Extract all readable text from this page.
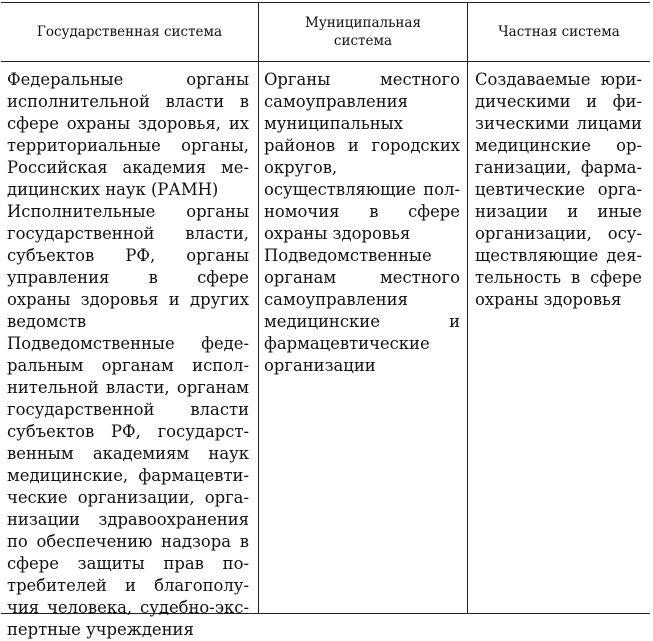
Государственная система
Муниципальная система
Частная система

Федеральные органы исполнительной власти в сфере охраны здоровья, их территориальные органы, Российская академия медицинских наук (РАМН)

Исполнительные органы государственной власти, субъектов РФ, органы управления в сфере охраны здоровья и других ведомств

Подведомственные федеральным органам исполнительной власти, органам государственной власти субъектов РФ, государственным академиям наук медицинские, фармацевтические организации, организации здравоохранения по обеспечению надзора в сфере защиты прав потребителей и благополучия человека, судебно-экспертные учреждения

Органы местного самоуправления муниципальных районов и городских округов, осуществляющие полномочия в сфере охраны здоровья

Подведомственные органам местного самоуправления медицинские и фармацевтические организации

Создаваемые юридическими и физическими лицами медицинские организации, фармацевтические организации и иные организации, осуществляющие деятельность в сфере охраны здоровья
